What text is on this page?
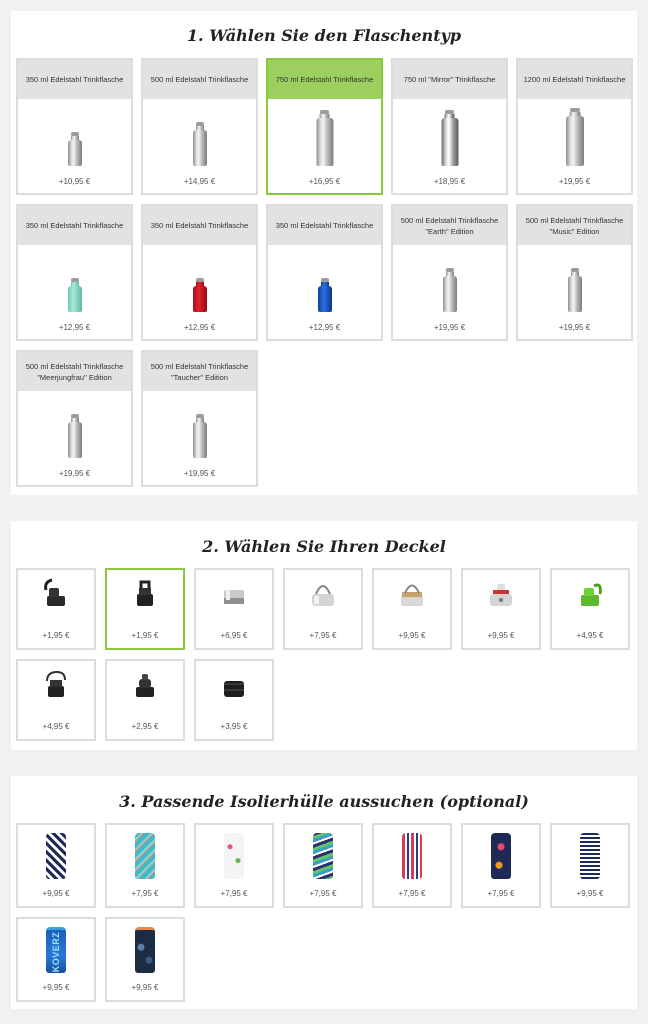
1. Wählen Sie den Flaschentyp
350 ml Edelstahl Trinkflasche
+10,95 €
500 ml Edelstahl Trinkflasche
+14,95 €
750 ml Edelstahl Trinkflasche
+16,95 €
750 ml "Mirror" Trinkflasche
+18,95 €
1200 ml Edelstahl Trinkflasche
+19,95 €
350 ml Edelstahl Trinkflasche
+12,95 €
350 ml Edelstahl Trinkflasche
+12,95 €
350 ml Edelstahl Trinkflasche
+12,95 €
500 ml Edelstahl Trinkflasche "Earth" Edition
+19,95 €
500 ml Edelstahl Trinkflasche "Music" Edition
+19,95 €
500 ml Edelstahl Trinkflasche "Meerjungfrau" Edition
+19,95 €
500 ml Edelstahl Trinkflasche "Taucher" Edition
+19,95 €
2. Wählen Sie Ihren Deckel
+1,95 €	+1,95 €	+6,95 €	+7,95 €	+9,95 €	+9,95 €	+4,95 €
+4,95 €	+2,95 €	+3,95 €
3. Passende Isolierhülle aussuchen (optional)
+9,95 €	+7,95 €	+7,95 €	+7,95 €	+7,95 €	+7,95 €	+9,95 €
KOVERZ
+9,95 €	+9,95 €
